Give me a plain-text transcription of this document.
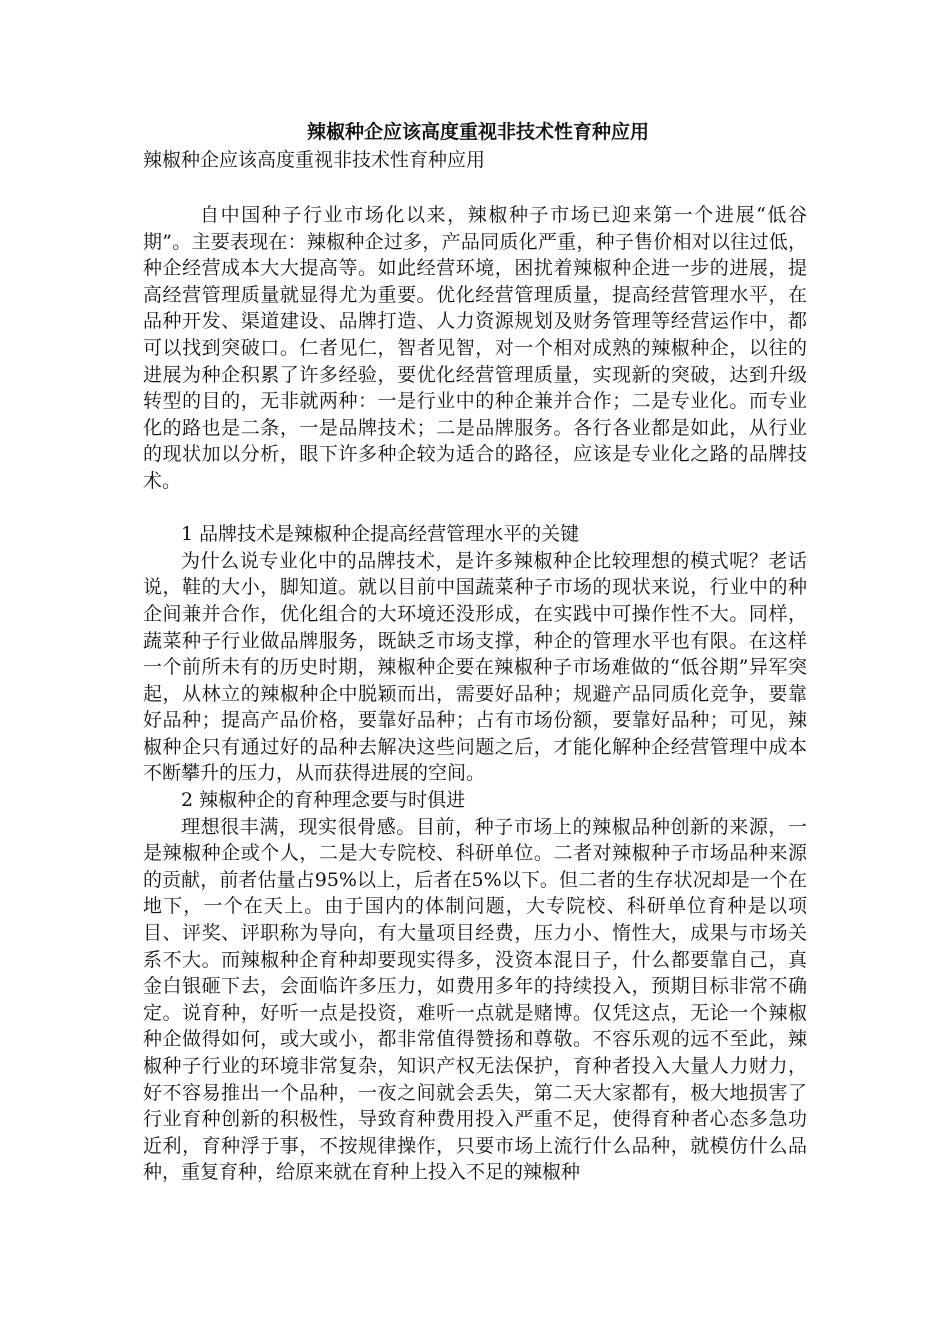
辣椒种企应该高度重视非技术性育种应用

辣椒种企应该高度重视非技术性育种应用

自中国种子行业市场化以来，辣椒种子市场已迎来第一个进展“低谷期”。主要表现在：辣椒种企过多，产品同质化严重，种子售价相对以往过低，种企经营成本大大提高等。如此经营环境，困扰着辣椒种企进一步的进展，提高经营管理质量就显得尤为重要。优化经营管理质量，提高经营管理水平，在品种开发、渠道建设、品牌打造、人力资源规划及财务管理等经营运作中，都可以找到突破口。仁者见仁，智者见智，对一个相对成熟的辣椒种企，以往的进展为种企积累了许多经验，要优化经营管理质量，实现新的突破，达到升级转型的目的，无非就两种：一是行业中的种企兼并合作；二是专业化。而专业化的路也是二条，一是品牌技术；二是品牌服务。各行各业都是如此，从行业的现状加以分析，眼下许多种企较为适合的路径，应该是专业化之路的品牌技术。

1 品牌技术是辣椒种企提高经营管理水平的关键

为什么说专业化中的品牌技术，是许多辣椒种企比较理想的模式呢？老话说，鞋的大小，脚知道。就以目前中国蔬菜种子市场的现状来说，行业中的种企间兼并合作，优化组合的大环境还没形成，在实践中可操作性不大。同样，蔬菜种子行业做品牌服务，既缺乏市场支撑，种企的管理水平也有限。在这样一个前所未有的历史时期，辣椒种企要在辣椒种子市场难做的“低谷期”异军突起，从林立的辣椒种企中脱颖而出，需要好品种；规避产品同质化竞争，要靠好品种；提高产品价格，要靠好品种；占有市场份额，要靠好品种；可见，辣椒种企只有通过好的品种去解决这些问题之后，才能化解种企经营管理中成本不断攀升的压力，从而获得进展的空间。

2 辣椒种企的育种理念要与时俱进

理想很丰满，现实很骨感。目前，种子市场上的辣椒品种创新的来源，一是辣椒种企或个人，二是大专院校、科研单位。二者对辣椒种子市场品种来源的贡献，前者估量占95%以上，后者在5%以下。但二者的生存状况却是一个在地下，一个在天上。由于国内的体制问题，大专院校、科研单位育种是以项目、评奖、评职称为导向，有大量项目经费，压力小、惰性大，成果与市场关系不大。而辣椒种企育种却要现实得多，没资本混日子，什么都要靠自己，真金白银砸下去，会面临许多压力，如费用多年的持续投入，预期目标非常不确定。说育种，好听一点是投资，难听一点就是赌博。仅凭这点，无论一个辣椒种企做得如何，或大或小，都非常值得赞扬和尊敬。不容乐观的远不至此，辣椒种子行业的环境非常复杂，知识产权无法保护，育种者投入大量人力财力，好不容易推出一个品种，一夜之间就会丢失，第二天大家都有，极大地损害了行业育种创新的积极性，导致育种费用投入严重不足，使得育种者心态多急功近利，育种浮于事，不按规律操作，只要市场上流行什么品种，就模仿什么品种，重复育种，给原来就在育种上投入不足的辣椒种
